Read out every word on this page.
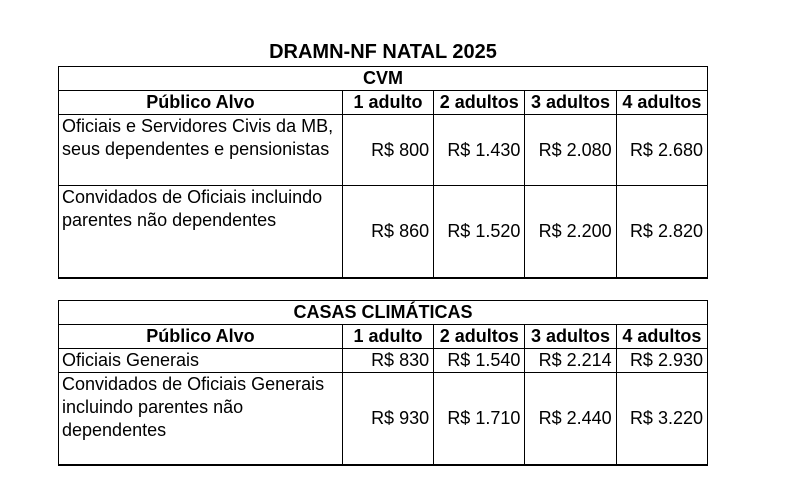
DRAMN-NF NATAL 2025
CVM				
Público Alvo	1 adulto	2 adultos	3 adultos	4 adultos
Oficiais e Servidores Civis da MB, seus dependentes e pensionistas	R$ 800	R$ 1.430	R$ 2.080	R$ 2.680
Convidados de Oficiais incluindo parentes não dependentes	R$ 860	R$ 1.520	R$ 2.200	R$ 2.820
CASAS CLIMÁTICAS				
Público Alvo	1 adulto	2 adultos	3 adultos	4 adultos
Oficiais Generais	R$ 830	R$ 1.540	R$ 2.214	R$ 2.930
Convidados de Oficiais Generais incluindo parentes não dependentes	R$ 930	R$ 1.710	R$ 2.440	R$ 3.220
